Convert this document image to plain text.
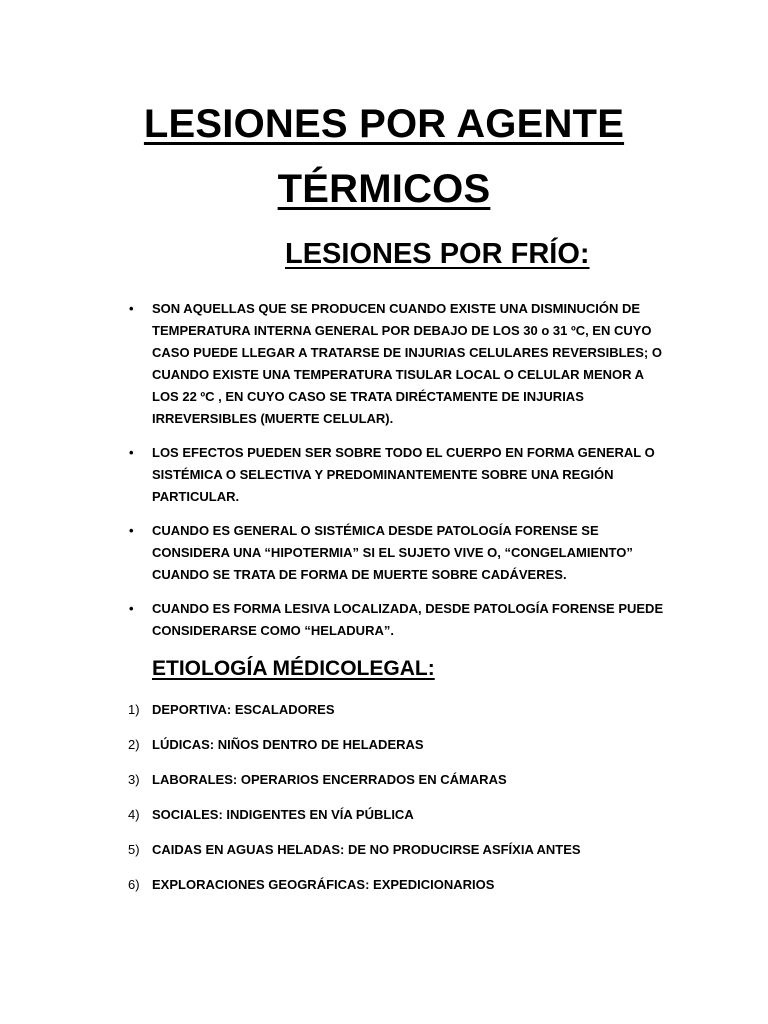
LESIONES POR AGENTE
TÉRMICOS
LESIONES POR FRÍO:
• SON AQUELLAS QUE SE PRODUCEN CUANDO EXISTE UNA DISMINUCIÓN DE TEMPERATURA INTERNA GENERAL POR DEBAJO DE LOS 30 o 31 ºC, EN CUYO CASO PUEDE LLEGAR A TRATARSE DE INJURIAS CELULARES REVERSIBLES; O CUANDO EXISTE UNA TEMPERATURA TISULAR LOCAL O CELULAR MENOR A LOS 22 ºC , EN CUYO CASO SE TRATA DIRÉCTAMENTE DE INJURIAS IRREVERSIBLES (MUERTE CELULAR).
• LOS EFECTOS PUEDEN SER SOBRE TODO EL CUERPO EN FORMA GENERAL O SISTÉMICA O SELECTIVA Y PREDOMINANTEMENTE SOBRE UNA REGIÓN PARTICULAR.
• CUANDO ES GENERAL O SISTÉMICA DESDE PATOLOGÍA FORENSE SE CONSIDERA UNA “HIPOTERMIA” SI EL SUJETO VIVE O, “CONGELAMIENTO” CUANDO SE TRATA DE FORMA DE MUERTE SOBRE CADÁVERES.
• CUANDO ES FORMA LESIVA LOCALIZADA, DESDE PATOLOGÍA FORENSE PUEDE CONSIDERARSE COMO “HELADURA”.
ETIOLOGÍA MÉDICOLEGAL:
1) DEPORTIVA: ESCALADORES
2) LÚDICAS: NIÑOS DENTRO DE HELADERAS
3) LABORALES: OPERARIOS ENCERRADOS EN CÁMARAS
4) SOCIALES: INDIGENTES EN VÍA PÚBLICA
5) CAIDAS EN AGUAS HELADAS: DE NO PRODUCIRSE ASFÍXIA ANTES
6) EXPLORACIONES GEOGRÁFICAS: EXPEDICIONARIOS
